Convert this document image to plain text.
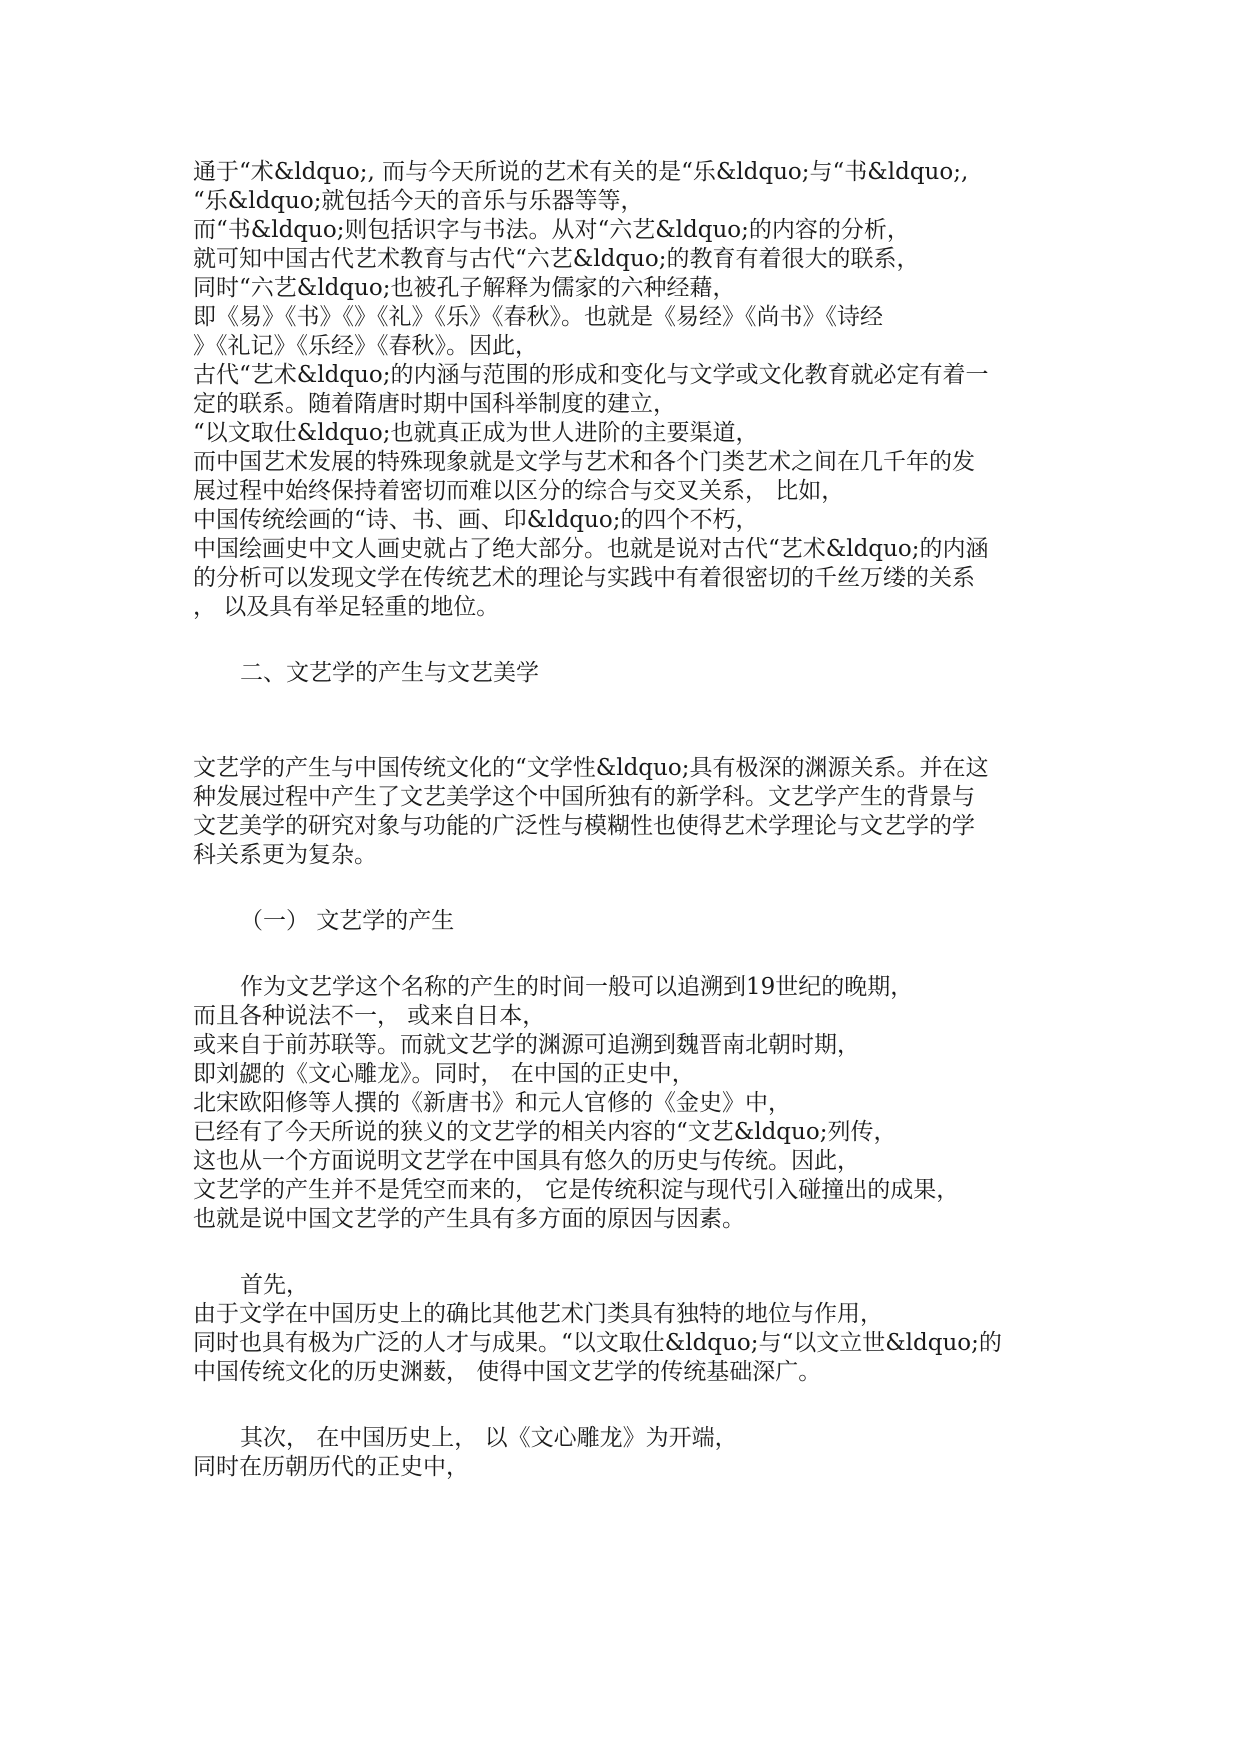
通于“术&ldquo;, 而与今天所说的艺术有关的是“乐&ldquo;与“书&ldquo;,
“乐&ldquo;就包括今天的音乐与乐器等等，
而“书&ldquo;则包括识字与书法。从对“六艺&ldquo;的内容的分析，
就可知中国古代艺术教育与古代“六艺&ldquo;的教育有着很大的联系，
同时“六艺&ldquo;也被孔子解释为儒家的六种经藉，
即《易》《书》《》《礼》《乐》《春秋》。也就是《易经》《尚书》《诗经
》《礼记》《乐经》《春秋》。因此，
古代“艺术&ldquo;的内涵与范围的形成和变化与文学或文化教育就必定有着一
定的联系。随着隋唐时期中国科举制度的建立，
“以文取仕&ldquo;也就真正成为世人进阶的主要渠道，
而中国艺术发展的特殊现象就是文学与艺术和各个门类艺术之间在几千年的发
展过程中始终保持着密切而难以区分的综合与交叉关系， 比如，
中国传统绘画的“诗、书、画、印&ldquo;的四个不朽，
中国绘画史中文人画史就占了绝大部分。也就是说对古代“艺术&ldquo;的内涵
的分析可以发现文学在传统艺术的理论与实践中有着很密切的千丝万缕的关系
， 以及具有举足轻重的地位。
二、文艺学的产生与文艺美学
文艺学的产生与中国传统文化的“文学性&ldquo;具有极深的渊源关系。并在这
种发展过程中产生了文艺美学这个中国所独有的新学科。文艺学产生的背景与
文艺美学的研究对象与功能的广泛性与模糊性也使得艺术学理论与文艺学的学
科关系更为复杂。
（一） 文艺学的产生
作为文艺学这个名称的产生的时间一般可以追溯到19世纪的晚期，
而且各种说法不一， 或来自日本，
或来自于前苏联等。而就文艺学的渊源可追溯到魏晋南北朝时期，
即刘勰的《文心雕龙》。同时， 在中国的正史中，
北宋欧阳修等人撰的《新唐书》和元人官修的《金史》中，
已经有了今天所说的狭义的文艺学的相关内容的“文艺&ldquo;列传，
这也从一个方面说明文艺学在中国具有悠久的历史与传统。因此，
文艺学的产生并不是凭空而来的， 它是传统积淀与现代引入碰撞出的成果，
也就是说中国文艺学的产生具有多方面的原因与因素。
首先，
由于文学在中国历史上的确比其他艺术门类具有独特的地位与作用，
同时也具有极为广泛的人才与成果。“以文取仕&ldquo;与“以文立世&ldquo;的
中国传统文化的历史渊薮， 使得中国文艺学的传统基础深广。
其次， 在中国历史上， 以《文心雕龙》为开端，
同时在历朝历代的正史中，
